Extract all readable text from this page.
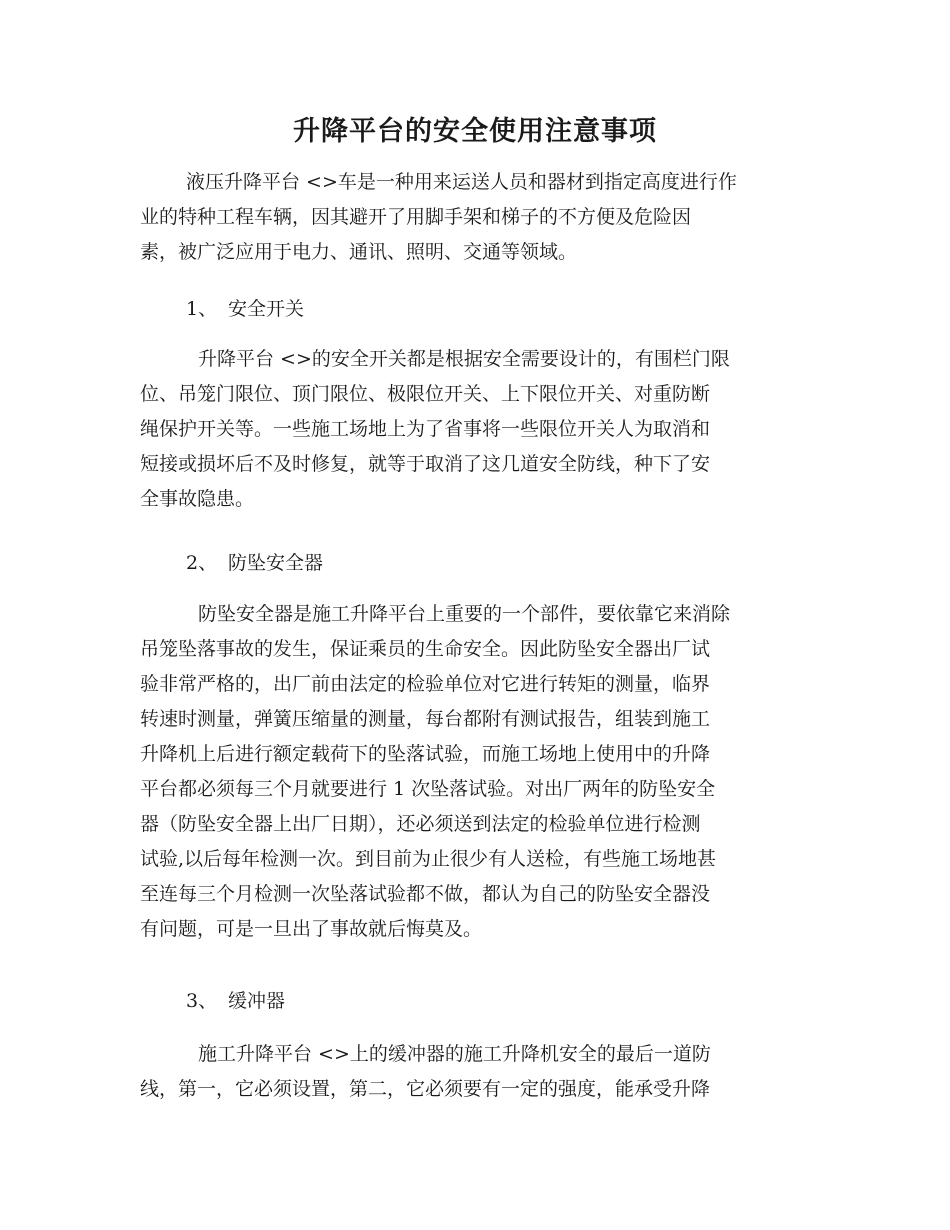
升降平台的安全使用注意事项

液压升降平台 <>车是一种用来运送人员和器材到指定高度进行作
业的特种工程车辆，因其避开了用脚手架和梯子的不方便及危险因
素，被广泛应用于电力、通讯、照明、交通等领域。

1、 安全开关

升降平台 <>的安全开关都是根据安全需要设计的，有围栏门限
位、吊笼门限位、顶门限位、极限位开关、上下限位开关、对重防断
绳保护开关等。一些施工场地上为了省事将一些限位开关人为取消和
短接或损坏后不及时修复，就等于取消了这几道安全防线，种下了安
全事故隐患。

2、 防坠安全器

防坠安全器是施工升降平台上重要的一个部件，要依靠它来消除
吊笼坠落事故的发生，保证乘员的生命安全。因此防坠安全器出厂试
验非常严格的，出厂前由法定的检验单位对它进行转矩的测量，临界
转速时测量，弹簧压缩量的测量，每台都附有测试报告，组装到施工
升降机上后进行额定载荷下的坠落试验，而施工场地上使用中的升降
平台都必须每三个月就要进行 1 次坠落试验。对出厂两年的防坠安全
器（防坠安全器上出厂日期），还必须送到法定的检验单位进行检测
试验,以后每年检测一次。到目前为止很少有人送检，有些施工场地甚
至连每三个月检测一次坠落试验都不做，都认为自己的防坠安全器没
有问题，可是一旦出了事故就后悔莫及。

3、 缓冲器

施工升降平台 <>上的缓冲器的施工升降机安全的最后一道防
线，第一，它必须设置，第二，它必须要有一定的强度，能承受升降
